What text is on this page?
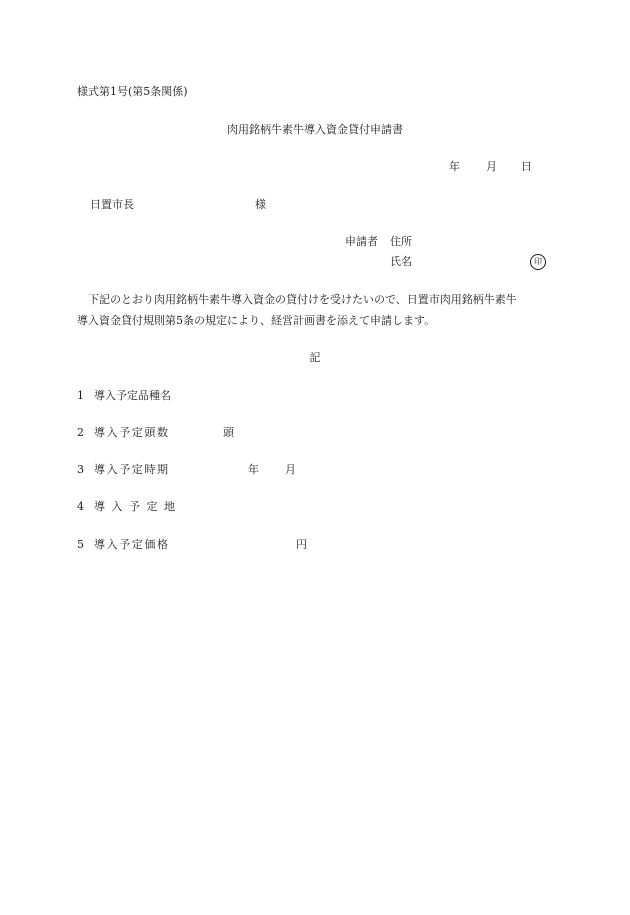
様式第1号(第5条関係)
肉用銘柄牛素牛導入資金貸付申請書
年 月 日
日置市長	様
申請者 住所
氏名	印
下記のとおり肉用銘柄牛素牛導入資金の貸付けを受けたいので、日置市肉用銘柄牛素牛
導入資金貸付規則第5条の規定により、経営計画書を添えて申請します。
記
1 導入予定品種名
2 導入予定頭数	頭
3 導入予定時期	年 月
4 導入予定地
5 導入予定価格	円
